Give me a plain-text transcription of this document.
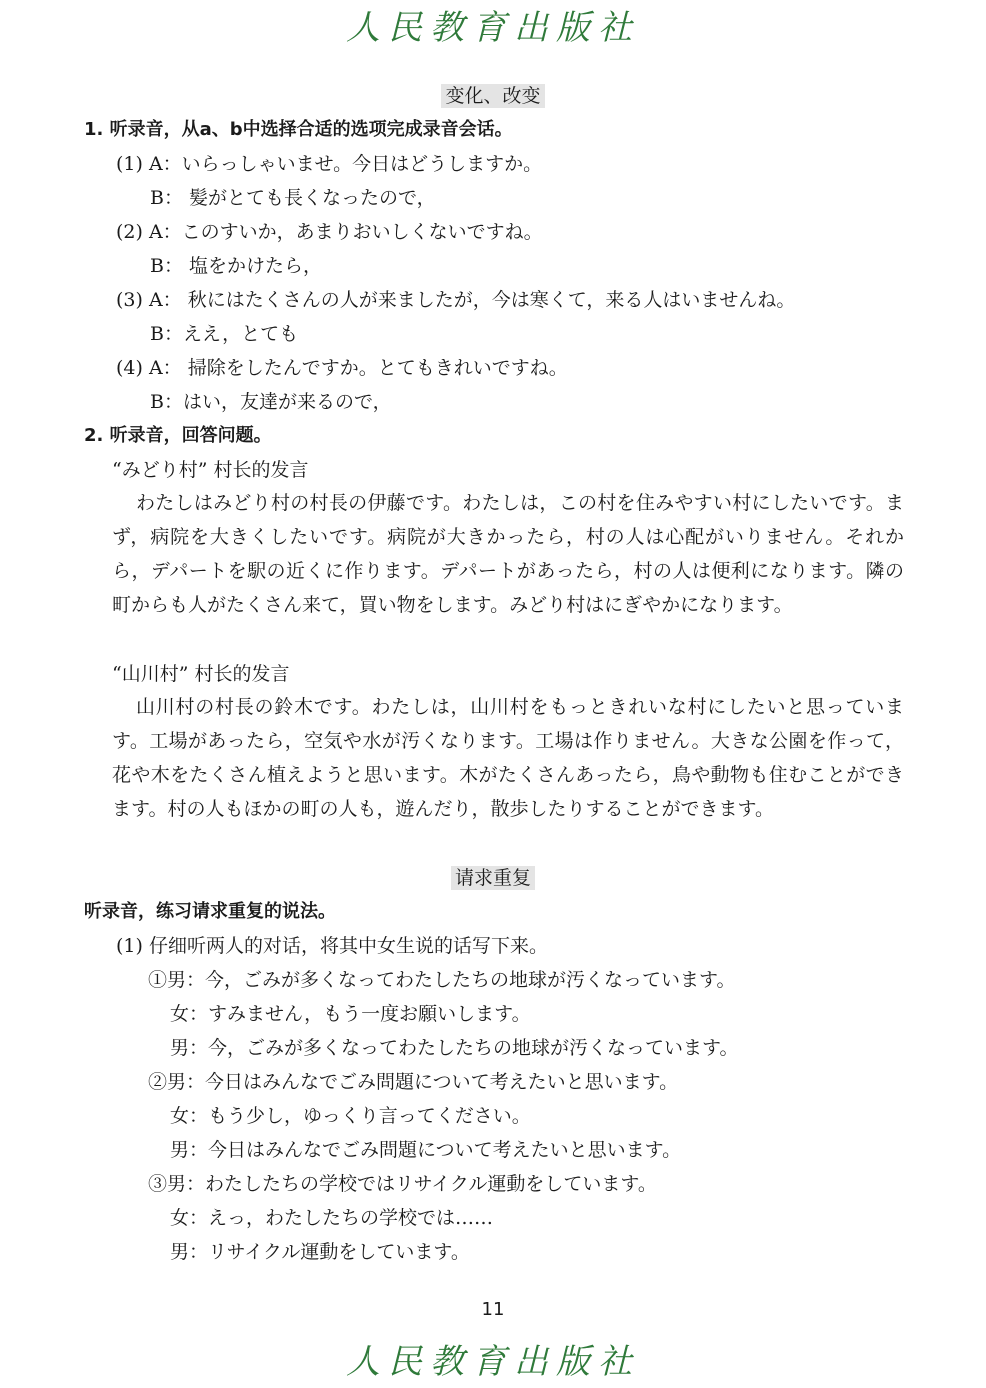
人民教育出版社
变化、改变
1. 听录音，从a、b中选择合适的选项完成录音会话。
(1) A：いらっしゃいませ。今日はどうしますか。
B： 髪がとても長くなったので，
(2) A：このすいか，あまりおいしくないですね。
B： 塩をかけたら，
(3) A： 秋にはたくさんの人が来ましたが，今は寒くて，来る人はいませんね。
B：ええ，とても
(4) A： 掃除をしたんですか。とてもきれいですね。
B：はい，友達が来るので，
2. 听录音，回答问题。
“みどり村” 村长的发言
わたしはみどり村の村長の伊藤です。わたしは，この村を住みやすい村にしたいです。まず，病院を大きくしたいです。病院が大きかったら，村の人は心配がいりません。それから，デパートを駅の近くに作ります。デパートがあったら，村の人は便利になります。隣の町からも人がたくさん来て，買い物をします。みどり村はにぎやかになります。
“山川村” 村长的发言
山川村の村長の鈴木です。わたしは，山川村をもっときれいな村にしたいと思っています。工場があったら，空気や水が汚くなります。工場は作りません。大きな公園を作って，花や木をたくさん植えようと思います。木がたくさんあったら，鳥や動物も住むことができます。村の人もほかの町の人も，遊んだり，散歩したりすることができます。
请求重复
听录音，练习请求重复的说法。
(1) 仔细听两人的对话，将其中女生说的话写下来。
①男：今，ごみが多くなってわたしたちの地球が汚くなっています。
女：すみません，もう一度お願いします。
男：今，ごみが多くなってわたしたちの地球が汚くなっています。
②男：今日はみんなでごみ問題について考えたいと思います。
女：もう少し，ゆっくり言ってください。
男：今日はみんなでごみ問題について考えたいと思います。
③男：わたしたちの学校ではリサイクル運動をしています。
女：えっ，わたしたちの学校では……
男：リサイクル運動をしています。
11
人民教育出版社
